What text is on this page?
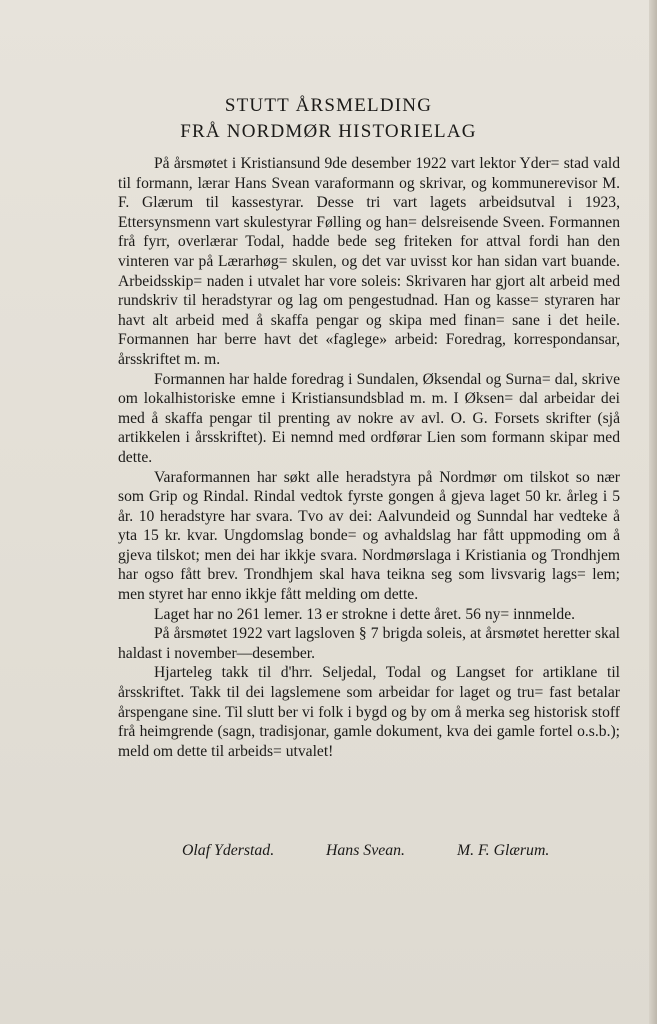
STUTT ÅRSMELDING
FRÅ NORDMØR HISTORIELAG

På årsmøtet i Kristiansund 9de desember 1922 vart lektor Yder= stad vald til formann, lærar Hans Svean varaformann og skrivar, og kommunerevisor M. F. Glærum til kassestyrar. Desse tri vart lagets arbeidsutval i 1923, Ettersynsmenn vart skulestyrar Følling og han= delsreisende Sveen. Formannen frå fyrr, overlærar Todal, hadde bede seg friteken for attval fordi han den vinteren var på Lærarhøg= skulen, og det var uvisst kor han sidan vart buande. Arbeidsskip= naden i utvalet har vore soleis: Skrivaren har gjort alt arbeid med rundskriv til heradstyrar og lag om pengestudnad. Han og kasse= styraren har havt alt arbeid med å skaffa pengar og skipa med finan= sane i det heile. Formannen har berre havt det «faglege» arbeid: Foredrag, korrespondansar, årsskriftet m. m.

Formannen har halde foredrag i Sundalen, Øksendal og Surna= dal, skrive om lokalhistoriske emne i Kristiansundsblad m. m. I Øksen= dal arbeidar dei med å skaffa pengar til prenting av nokre av avl. O. G. Forsets skrifter (sjå artikkelen i årsskriftet). Ei nemnd med ordførar Lien som formann skipar med dette.

Varaformannen har søkt alle heradstyra på Nordmør om tilskot so nær som Grip og Rindal. Rindal vedtok fyrste gongen å gjeva laget 50 kr. årleg i 5 år. 10 heradstyre har svara. Tvo av dei: Aalvundeid og Sunndal har vedteke å yta 15 kr. kvar. Ungdomslag bonde= og avhaldslag har fått uppmoding om å gjeva tilskot; men dei har ikkje svara. Nordmørslaga i Kristiania og Trondhjem har ogso fått brev. Trondhjem skal hava teikna seg som livsvarig lags= lem; men styret har enno ikkje fått melding om dette.

Laget har no 261 lemer. 13 er strokne i dette året. 56 ny= innmelde.

På årsmøtet 1922 vart lagsloven § 7 brigda soleis, at årsmøtet heretter skal haldast i november—desember.

Hjarteleg takk til d'hrr. Seljedal, Todal og Langset for artiklane til årsskriftet. Takk til dei lagslemene som arbeidar for laget og tru= fast betalar årspengane sine. Til slutt ber vi folk i bygd og by om å merka seg historisk stoff frå heimgrende (sagn, tradisjonar, gamle dokument, kva dei gamle fortel o.s.b.); meld om dette til arbeids= utvalet!

Olaf Yderstad.	Hans Svean.	M. F. Glærum.
